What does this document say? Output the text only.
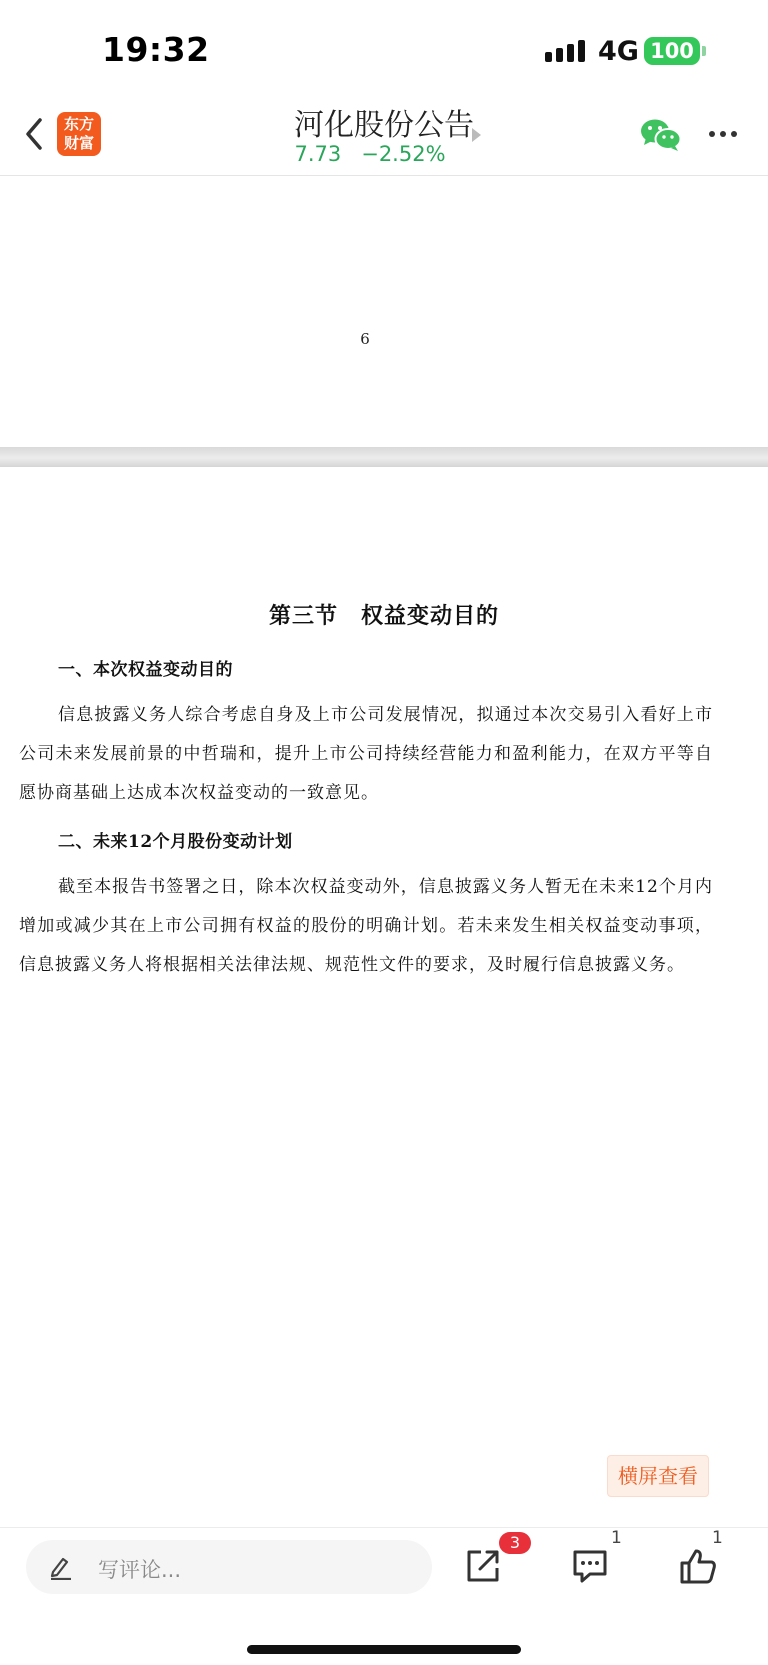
19:32	4G 100
东方
财富	河化股份公告
7.73 −2.52%
6
第三节　权益变动目的
一、本次权益变动目的
信息披露义务人综合考虑自身及上市公司发展情况，拟通过本次交易引入看好上市公司未来发展前景的中哲瑞和，提升上市公司持续经营能力和盈利能力，在双方平等自愿协商基础上达成本次权益变动的一致意见。
二、未来12个月股份变动计划
截至本报告书签署之日，除本次权益变动外，信息披露义务人暂无在未来12个月内增加或减少其在上市公司拥有权益的股份的明确计划。若未来发生相关权益变动事项，信息披露义务人将根据相关法律法规、规范性文件的要求，及时履行信息披露义务。
横屏查看
写评论...
3	1	1
